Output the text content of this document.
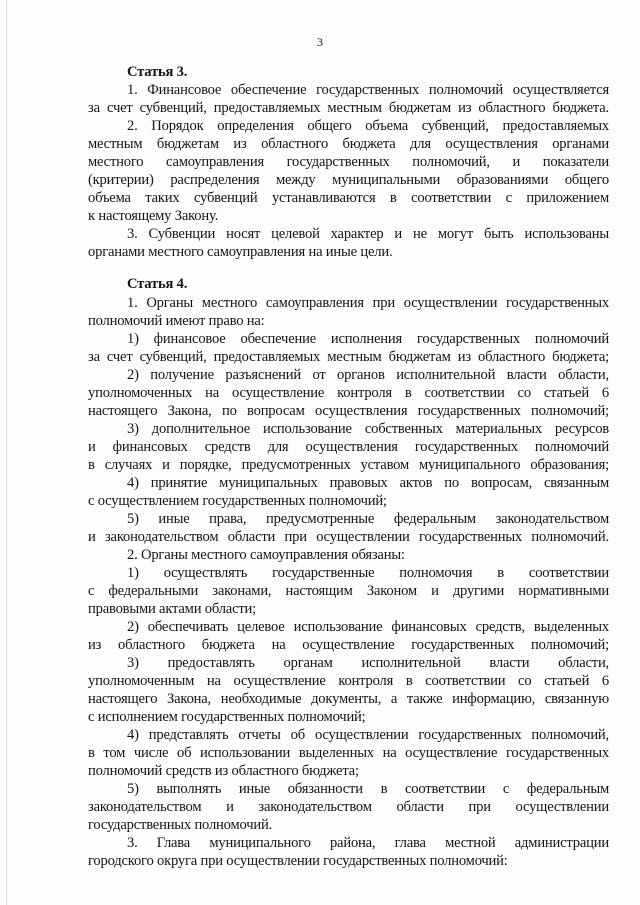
3
Статья 3.
1. Финансовое обеспечение государственных полномочий осуществляется
за счет субвенций, предоставляемых местным бюджетам из областного бюджета.
2. Порядок определения общего объема субвенций, предоставляемых
местным бюджетам из областного бюджета для осуществления органами
местного самоуправления государственных полномочий, и показатели
(критерии) распределения между муниципальными образованиями общего
объема таких субвенций устанавливаются в соответствии с приложением
к настоящему Закону.
3. Субвенции носят целевой характер и не могут быть использованы
органами местного самоуправления на иные цели.
Статья 4.
1. Органы местного самоуправления при осуществлении государственных
полномочий имеют право на:
1) финансовое обеспечение исполнения государственных полномочий
за счет субвенций, предоставляемых местным бюджетам из областного бюджета;
2) получение разъяснений от органов исполнительной власти области,
уполномоченных на осуществление контроля в соответствии со статьей 6
настоящего Закона, по вопросам осуществления государственных полномочий;
3) дополнительное использование собственных материальных ресурсов
и финансовых средств для осуществления государственных полномочий
в случаях и порядке, предусмотренных уставом муниципального образования;
4) принятие муниципальных правовых актов по вопросам, связанным
с осуществлением государственных полномочий;
5) иные права, предусмотренные федеральным законодательством
и законодательством области при осуществлении государственных полномочий.
2. Органы местного самоуправления обязаны:
1) осуществлять государственные полномочия в соответствии
с федеральными законами, настоящим Законом и другими нормативными
правовыми актами области;
2) обеспечивать целевое использование финансовых средств, выделенных
из областного бюджета на осуществление государственных полномочий;
3) предоставлять органам исполнительной власти области,
уполномоченным на осуществление контроля в соответствии со статьей 6
настоящего Закона, необходимые документы, а также информацию, связанную
с исполнением государственных полномочий;
4) представлять отчеты об осуществлении государственных полномочий,
в том числе об использовании выделенных на осуществление государственных
полномочий средств из областного бюджета;
5) выполнять иные обязанности в соответствии с федеральным
законодательством и законодательством области при осуществлении
государственных полномочий.
3. Глава муниципального района, глава местной администрации
городского округа при осуществлении государственных полномочий:
